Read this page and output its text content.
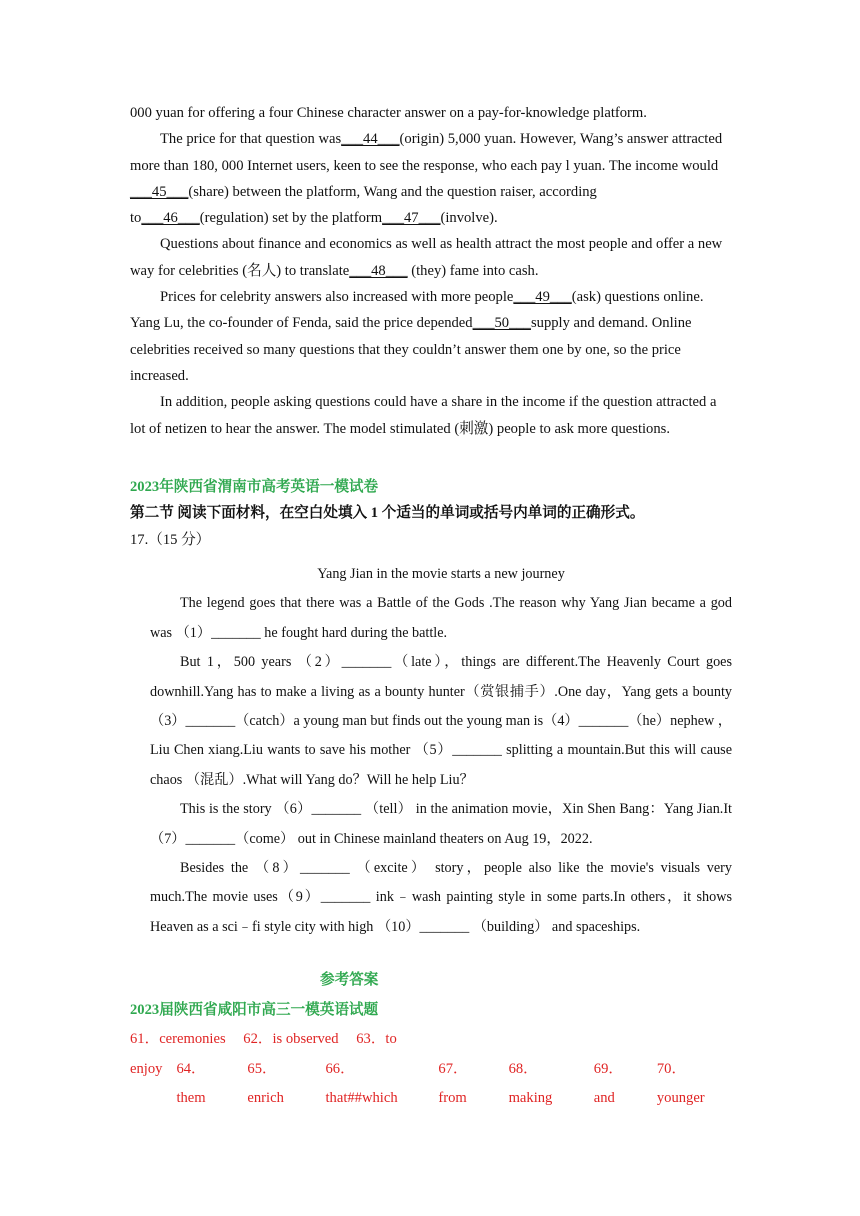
000 yuan for offering a four Chinese character answer on a pay-for-knowledge platform.

The price for that question was___44___(origin) 5,000 yuan. However, Wang’s answer attracted more than 180, 000 Internet users, keen to see the response, who each pay l yuan. The income would ___45___(share) between the platform, Wang and the question raiser, according to___46___(regulation) set by the platform___47___(involve).

Questions about finance and economics as well as health attract the most people and offer a new way for celebrities (名人) to translate___48___ (they) fame into cash.

Prices for celebrity answers also increased with more people___49___(ask) questions online. Yang Lu, the co-founder of Fenda, said the price depended___50___supply and demand. Online celebrities received so many questions that they couldn’t answer them one by one, so the price increased.

In addition, people asking questions could have a share in the income if the question attracted a lot of netizen to hear the answer. The model stimulated (刺激) people to ask more questions.

2023年陕西省渭南市高考英语一模试卷

第二节 阅读下面材料，在空白处填入 1 个适当的单词或括号内单词的正确形式。

17.（15 分）

Yang Jian in the movie starts a new journey

The legend goes that there was a Battle of the Gods .The reason why Yang Jian became a god was （1）_______ he fought hard during the battle.

But 1，500 years （2）_______（late），things are different.The Heavenly Court goes downhill.Yang has to make a living as a bounty hunter（赏银捕手）.One day，Yang gets a bounty（3）_______（catch）a young man but finds out the young man is（4）_______（he）nephew ，Liu Chen xiang.Liu wants to save his mother （5）_______ splitting a mountain.But this will cause chaos （混乱）.What will Yang do？Will he help Liu？

This is the story （6）_______ （tell） in the animation movie，Xin Shen Bang：Yang Jian.It （7）_______（come） out in Chinese mainland theaters on Aug 19，2022.

Besides the （8）_______ （excite） story，people also like the movie's visuals very much.The movie uses（9）_______ ink﹣wash painting style in some parts.In others，it shows Heaven as a sci﹣fi style city with high （10）_______ （building） and spaceships.

参考答案

2023届陕西省咸阳市高三一模英语试题

61．ceremonies 62．is observed 63．to

enjoy 64．them
65．enrich
66．that##which
67．from
68．making
69．and
70．younger
